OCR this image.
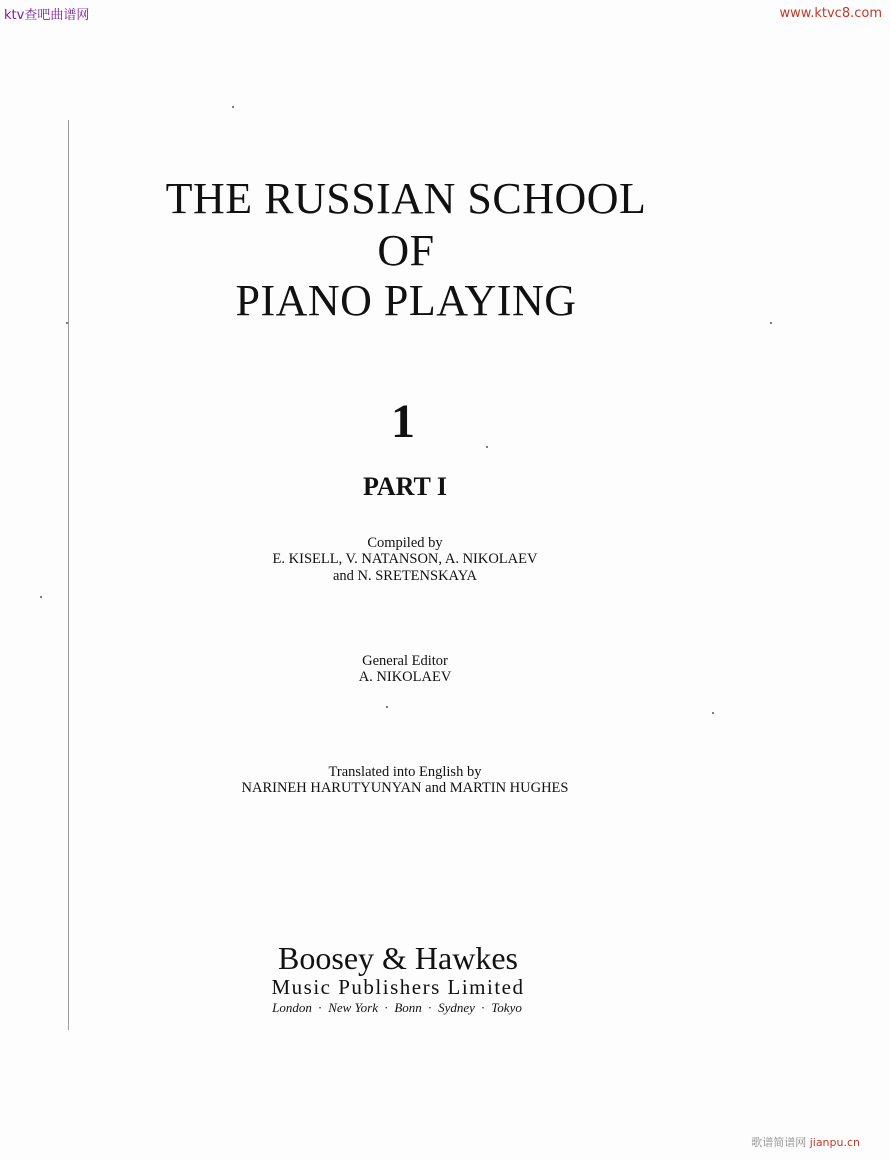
ktv查吧曲谱网	www.ktvc8.com
歌谱简谱网 jianpu.cn
THE RUSSIAN SCHOOL
OF
PIANO PLAYING
1
PART I
Compiled by
E. KISELL, V. NATANSON, A. NIKOLAEV
and N. SRETENSKAYA
General Editor
A. NIKOLAEV
Translated into English by
NARINEH HARUTYUNYAN and MARTIN HUGHES
Boosey & Hawkes
Music Publishers Limited
London · New York · Bonn · Sydney · Tokyo
